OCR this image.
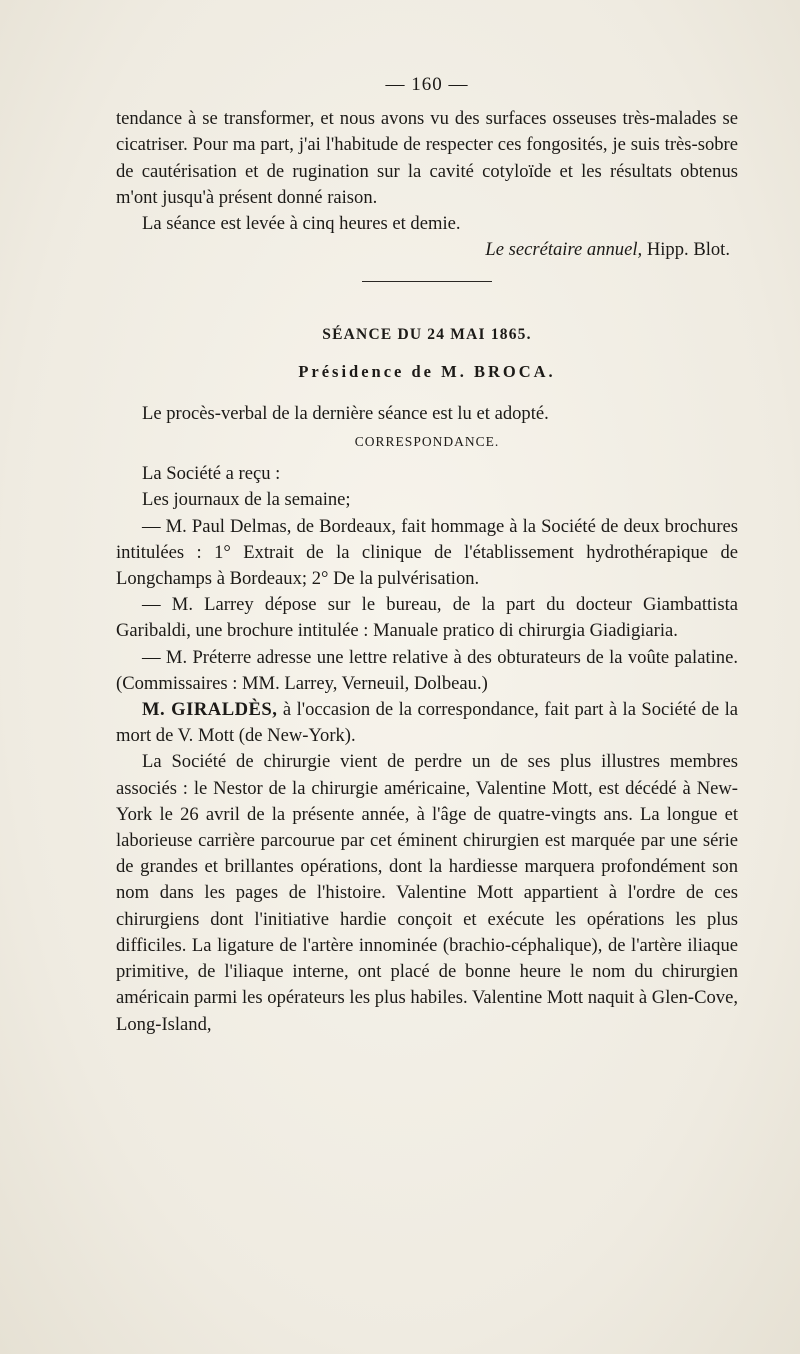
— 160 —

tendance à se transformer, et nous avons vu des surfaces osseuses très-malades se cicatriser. Pour ma part, j'ai l'habitude de respecter ces fongosités, je suis très-sobre de cautérisation et de rugination sur la cavité cotyloïde et les résultats obtenus m'ont jusqu'à présent donné raison.

La séance est levée à cinq heures et demie.

Le secrétaire annuel, Hipp. Blot.

SÉANCE DU 24 MAI 1865.
Présidence de M. BROCA.

Le procès-verbal de la dernière séance est lu et adopté.

CORRESPONDANCE.

La Société a reçu :

Les journaux de la semaine;

— M. Paul Delmas, de Bordeaux, fait hommage à la Société de deux brochures intitulées : 1° Extrait de la clinique de l'établissement hydrothérapique de Longchamps à Bordeaux; 2° De la pulvérisation.

— M. Larrey dépose sur le bureau, de la part du docteur Giambattista Garibaldi, une brochure intitulée : Manuale pratico di chirurgia Giadigiaria.

— M. Préterre adresse une lettre relative à des obturateurs de la voûte palatine. (Commissaires : MM. Larrey, Verneuil, Dolbeau.)

M. GIRALDÈS, à l'occasion de la correspondance, fait part à la Société de la mort de V. Mott (de New-York).

La Société de chirurgie vient de perdre un de ses plus illustres membres associés : le Nestor de la chirurgie américaine, Valentine Mott, est décédé à New-York le 26 avril de la présente année, à l'âge de quatre-vingts ans. La longue et laborieuse carrière parcourue par cet éminent chirurgien est marquée par une série de grandes et brillantes opérations, dont la hardiesse marquera profondément son nom dans les pages de l'histoire. Valentine Mott appartient à l'ordre de ces chirurgiens dont l'initiative hardie conçoit et exécute les opérations les plus difficiles. La ligature de l'artère innominée (brachio-céphalique), de l'artère iliaque primitive, de l'iliaque interne, ont placé de bonne heure le nom du chirurgien américain parmi les opérateurs les plus habiles. Valentine Mott naquit à Glen-Cove, Long-Island,
